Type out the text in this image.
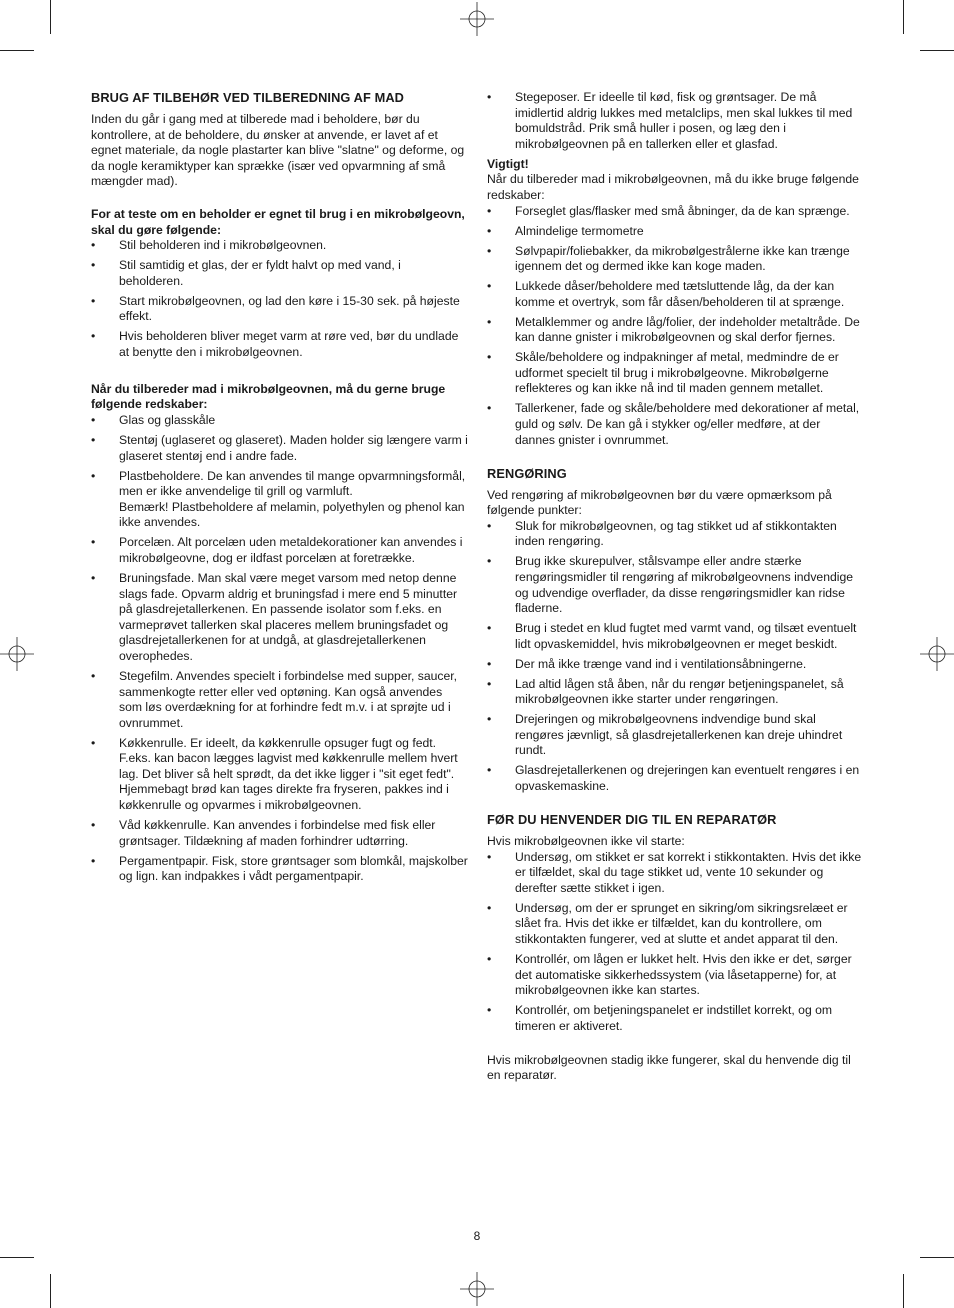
BRUG AF TILBEHØR VED TILBEREDNING AF MAD

Inden du går i gang med at tilberede mad i beholdere, bør du kontrollere, at de beholdere, du ønsker at anvende, er lavet af et egnet materiale, da nogle plastarter kan blive "slatne" og deforme, og da nogle keramiktyper kan sprække (især ved opvarmning af små mængder mad).

For at teste om en beholder er egnet til brug i en mikrobølgeovn, skal du gøre følgende:

• Stil beholderen ind i mikrobølgeovnen.
• Stil samtidig et glas, der er fyldt halvt op med vand, i beholderen.
• Start mikrobølgeovnen, og lad den køre i 15-30 sek. på højeste effekt.
• Hvis beholderen bliver meget varm at røre ved, bør du undlade at benytte den i mikrobølgeovnen.

Når du tilbereder mad i mikrobølgeovnen, må du gerne bruge følgende redskaber:

• Glas og glasskåle
• Stentøj (uglaseret og glaseret). Maden holder sig længere varm i glaseret stentøj end i andre fade.
• Plastbeholdere. De kan anvendes til mange opvarmningsformål, men er ikke anvendelige til grill og varmluft.
Bemærk! Plastbeholdere af melamin, polyethylen og phenol kan ikke anvendes.
• Porcelæn. Alt porcelæn uden metaldekorationer kan anvendes i mikrobølgeovne, dog er ildfast porcelæn at foretrække.
• Bruningsfade. Man skal være meget varsom med netop denne slags fade. Opvarm aldrig et bruningsfad i mere end 5 minutter på glasdrejetallerkenen. En passende isolator som f.eks. en varmeprøvet tallerken skal placeres mellem bruningsfadet og glasdrejetallerkenen for at undgå, at glasdrejetallerkenen overophedes.
• Stegefilm. Anvendes specielt i forbindelse med supper, saucer, sammenkogte retter eller ved optøning. Kan også anvendes som løs overdækning for at forhindre fedt m.v. i at sprøjte ud i ovnrummet.
• Køkkenrulle. Er ideelt, da køkkenrulle opsuger fugt og fedt. F.eks. kan bacon lægges lagvist med køkkenrulle mellem hvert lag. Det bliver så helt sprødt, da det ikke ligger i "sit eget fedt". Hjemmebagt brød kan tages direkte fra fryseren, pakkes ind i køkkenrulle og opvarmes i mikrobølgeovnen.
• Våd køkkenrulle. Kan anvendes i forbindelse med fisk eller grøntsager. Tildækning af maden forhindrer udtørring.
• Pergamentpapir. Fisk, store grøntsager som blomkål, majskolber og lign. kan indpakkes i vådt pergamentpapir.
• Stegeposer. Er ideelle til kød, fisk og grøntsager. De må imidlertid aldrig lukkes med metalclips, men skal lukkes til med bomuldstråd. Prik små huller i posen, og læg den i mikrobølgeovnen på en tallerken eller et glasfad.

Vigtigt!

Når du tilbereder mad i mikrobølgeovnen, må du ikke bruge følgende redskaber:

• Forseglet glas/flasker med små åbninger, da de kan sprænge.
• Almindelige termometre
• Sølvpapir/foliebakker, da mikrobølgestrålerne ikke kan trænge igennem det og dermed ikke kan koge maden.
• Lukkede dåser/beholdere med tætsluttende låg, da der kan komme et overtryk, som får dåsen/beholderen til at sprænge.
• Metalklemmer og andre låg/folier, der indeholder metaltråde. De kan danne gnister i mikrobølgeovnen og skal derfor fjernes.
• Skåle/beholdere og indpakninger af metal, medmindre de er udformet specielt til brug i mikrobølgeovne. Mikrobølgerne reflekteres og kan ikke nå ind til maden gennem metallet.
• Tallerkener, fade og skåle/beholdere med dekorationer af metal, guld og sølv. De kan gå i stykker og/eller medføre, at der dannes gnister i ovnrummet.
RENGØRING

Ved rengøring af mikrobølgeovnen bør du være opmærksom på følgende punkter:

• Sluk for mikrobølgeovnen, og tag stikket ud af stikkontakten inden rengøring.
• Brug ikke skurepulver, stålsvampe eller andre stærke rengøringsmidler til rengøring af mikrobølgeovnens indvendige og udvendige overflader, da disse rengøringsmidler kan ridse fladerne.
• Brug i stedet en klud fugtet med varmt vand, og tilsæt eventuelt lidt opvaskemiddel, hvis mikrobølgeovnen er meget beskidt.
• Der må ikke trænge vand ind i ventilationsåbningerne.
• Lad altid lågen stå åben, når du rengør betjeningspanelet, så mikrobølgeovnen ikke starter under rengøringen.
• Drejeringen og mikrobølgeovnens indvendige bund skal rengøres jævnligt, så glasdrejetallerkenen kan dreje uhindret rundt.
• Glasdrejetallerkenen og drejeringen kan eventuelt rengøres i en opvaskemaskine.
FØR DU HENVENDER DIG TIL EN REPARATØR

Hvis mikrobølgeovnen ikke vil starte:

• Undersøg, om stikket er sat korrekt i stikkontakten. Hvis det ikke er tilfældet, skal du tage stikket ud, vente 10 sekunder og derefter sætte stikket i igen.
• Undersøg, om der er sprunget en sikring/om sikringsrelæet er slået fra. Hvis det ikke er tilfældet, kan du kontrollere, om stikkontakten fungerer, ved at slutte et andet apparat til den.
• Kontrollér, om lågen er lukket helt. Hvis den ikke er det, sørger det automatiske sikkerhedssystem (via låsetapperne) for, at mikrobølgeovnen ikke kan startes.
• Kontrollér, om betjeningspanelet er indstillet korrekt, og om timeren er aktiveret.

Hvis mikrobølgeovnen stadig ikke fungerer, skal du henvende dig til en reparatør.

8
